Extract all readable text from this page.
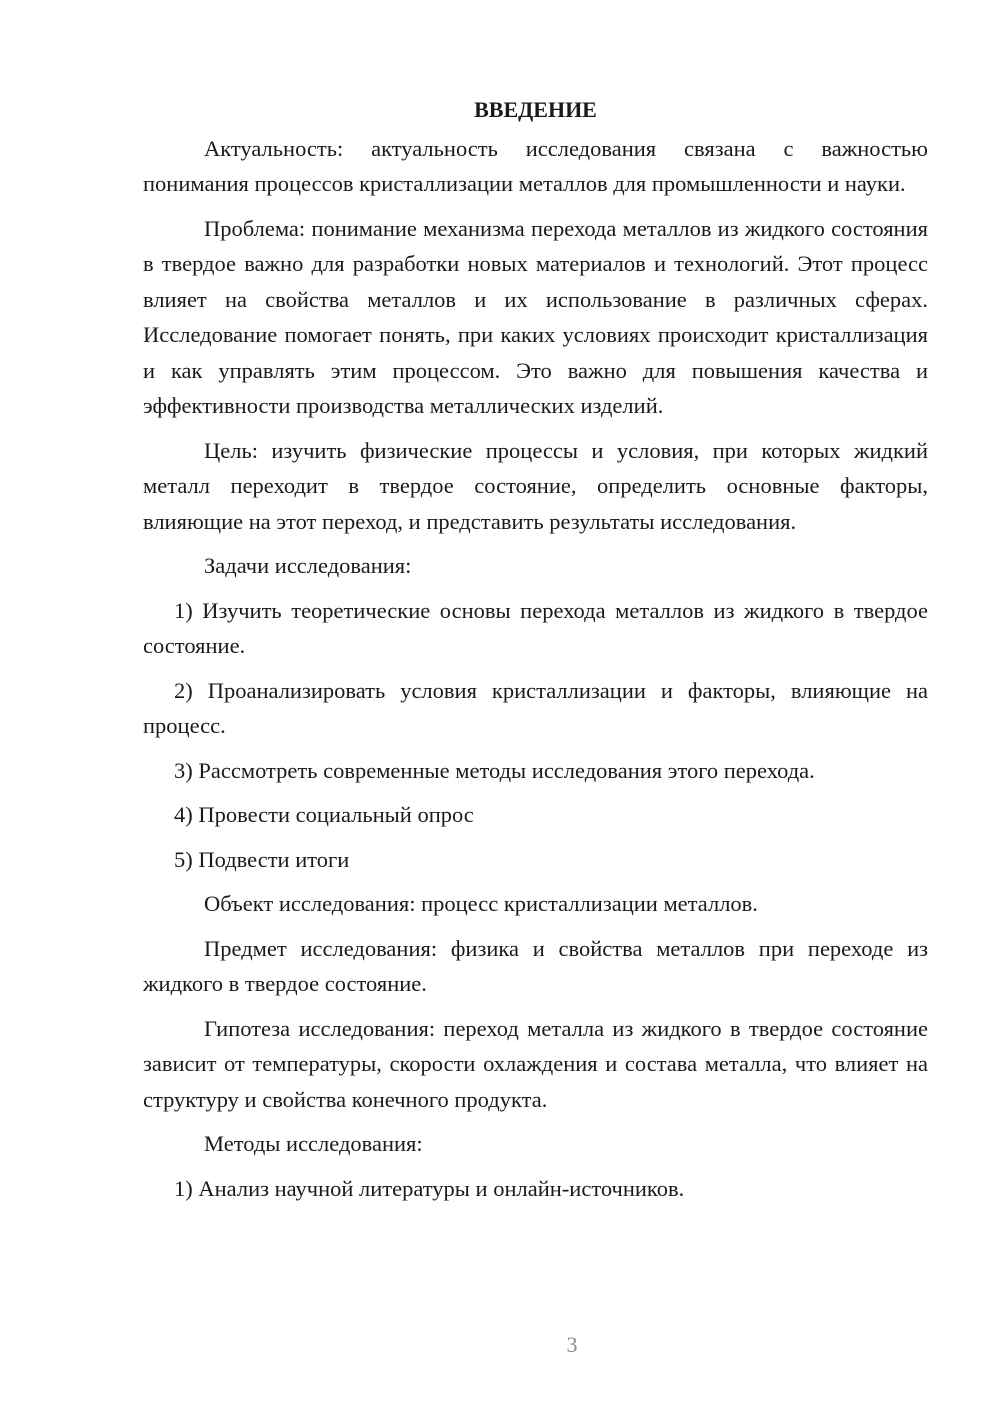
ВВЕДЕНИЕ

Актуальность: актуальность исследования связана с важностью понимания процессов кристаллизации металлов для промышленности и науки.

Проблема: понимание механизма перехода металлов из жидкого состояния в твердое важно для разработки новых материалов и технологий. Этот процесс влияет на свойства металлов и их использование в различных сферах. Исследование помогает понять, при каких условиях происходит кристаллизация и как управлять этим процессом. Это важно для повышения качества и эффективности производства металлических изделий.

Цель: изучить физические процессы и условия, при которых жидкий металл переходит в твердое состояние, определить основные факторы, влияющие на этот переход, и представить результаты исследования.

Задачи исследования:

1) Изучить теоретические основы перехода металлов из жидкого в твердое состояние.

2) Проанализировать условия кристаллизации и факторы, влияющие на процесс.

3) Рассмотреть современные методы исследования этого перехода.

4) Провести социальный опрос

5) Подвести итоги

Объект исследования: процесс кристаллизации металлов.

Предмет исследования: физика и свойства металлов при переходе из жидкого в твердое состояние.

Гипотеза исследования: переход металла из жидкого в твердое состояние зависит от температуры, скорости охлаждения и состава металла, что влияет на структуру и свойства конечного продукта.

Методы исследования:

1) Анализ научной литературы и онлайн-источников.

3
